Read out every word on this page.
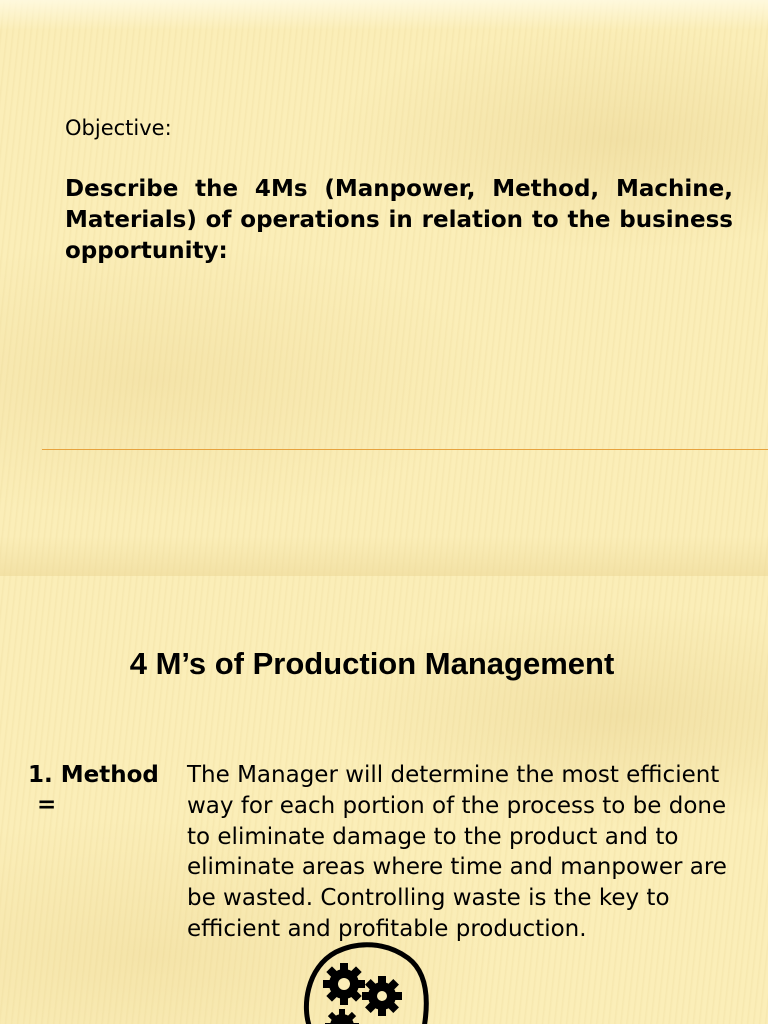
Objective:
Describe the 4Ms (Manpower, Method, Machine, Materials) of operations in relation to the business opportunity:
4 M’s of Production Management
1. Method
=
The Manager will determine the most efficient way for each portion of the process to be done to eliminate damage to the product and to eliminate areas where time and manpower are be wasted. Controlling waste is the key to efficient and profitable production.
